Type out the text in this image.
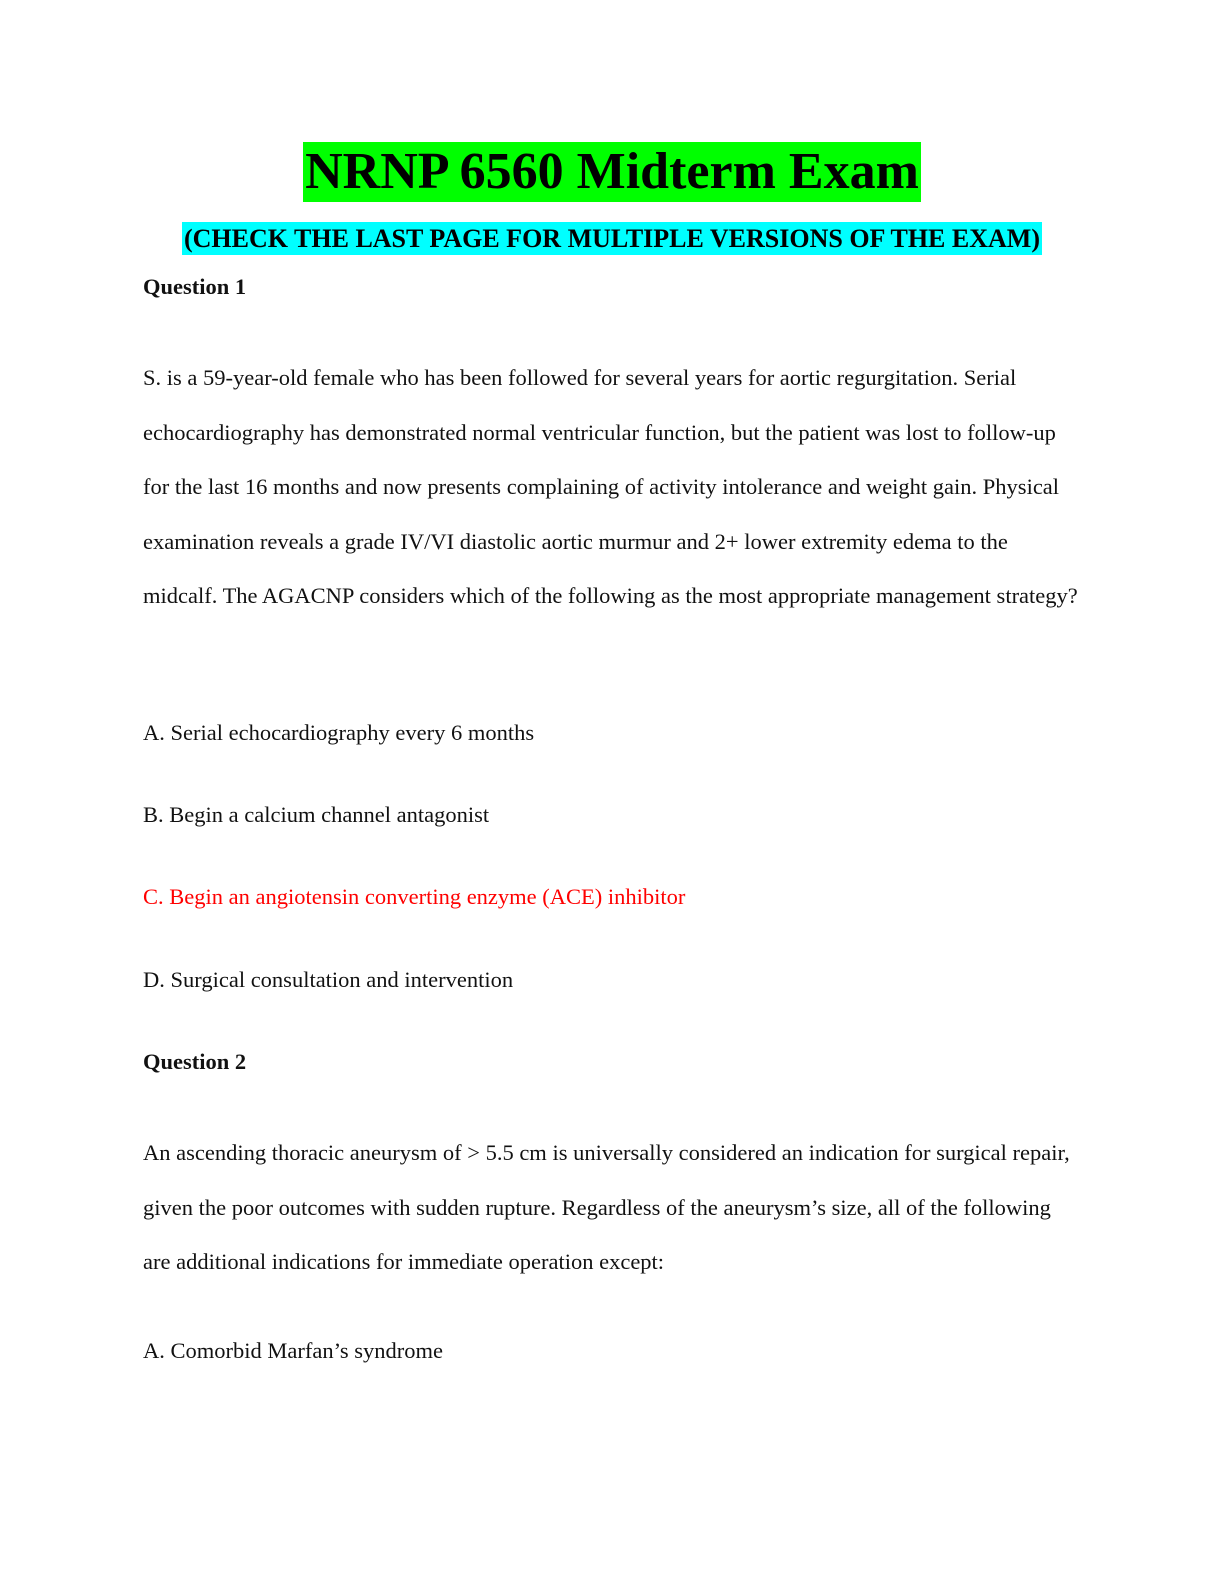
NRNP 6560 Midterm Exam
(CHECK THE LAST PAGE FOR MULTIPLE VERSIONS OF THE EXAM)
Question 1
S. is a 59-year-old female who has been followed for several years for aortic regurgitation. Serial echocardiography has demonstrated normal ventricular function, but the patient was lost to follow-up for the last 16 months and now presents complaining of activity intolerance and weight gain. Physical examination reveals a grade IV/VI diastolic aortic murmur and 2+ lower extremity edema to the midcalf. The AGACNP considers which of the following as the most appropriate management strategy?
A. Serial echocardiography every 6 months
B. Begin a calcium channel antagonist
C. Begin an angiotensin converting enzyme (ACE) inhibitor
D. Surgical consultation and intervention
Question 2
An ascending thoracic aneurysm of > 5.5 cm is universally considered an indication for surgical repair, given the poor outcomes with sudden rupture. Regardless of the aneurysm’s size, all of the following are additional indications for immediate operation except:
A. Comorbid Marfan’s syndrome
